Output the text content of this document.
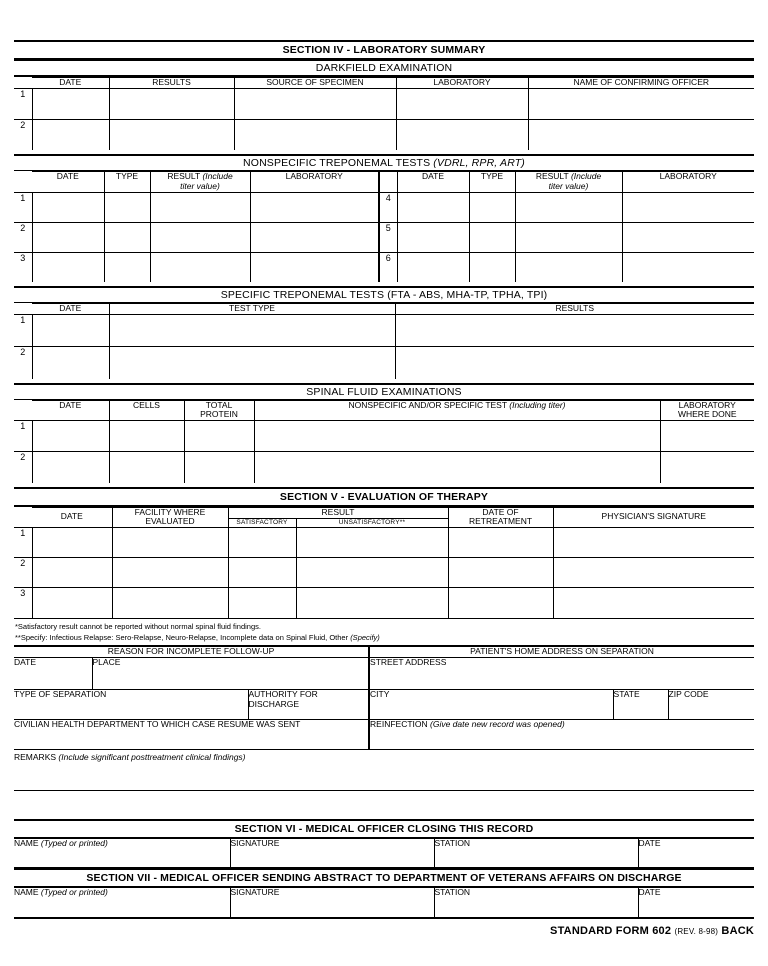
SECTION IV - LABORATORY SUMMARY
DARKFIELD EXAMINATION
	DATE	RESULTS	SOURCE OF SPECIMEN	LABORATORY	NAME OF CONFIRMING OFFICER
1					
2					
NONSPECIFIC TREPONEMAL TESTS (VDRL, RPR, ART)
	DATE	TYPE	RESULT (Include
titer value)	LABORATORY		DATE	TYPE	RESULT (Include
titer value)	LABORATORY
1					4				
2					5				
3					6				
SPECIFIC TREPONEMAL TESTS (FTA - ABS, MHA-TP, TPHA, TPI)
	DATE	TEST TYPE	RESULTS
1			
2			
SPINAL FLUID EXAMINATIONS
	DATE	CELLS	TOTAL
PROTEIN	NONSPECIFIC AND/OR SPECIFIC TEST (Including titer)	LABORATORY
WHERE DONE
1					
2					
SECTION V - EVALUATION OF THERAPY
	DATE	FACILITY WHERE
EVALUATED	RESULT		DATE OF
RETREATMENT	PHYSICIAN'S SIGNATURE
			SATISFACTORY	UNSATISFACTORY**		
1						
2						
3						
*Satisfactory result cannot be reported without normal spinal fluid findings.
**Specify: Infectious Relapse: Sero-Relapse, Neuro-Relapse, Incomplete data on Spinal Fluid, Other (Specify)
REASON FOR INCOMPLETE FOLLOW-UP			PATIENT'S HOME ADDRESS ON SEPARATION		
DATE	PLACE		STREET ADDRESS		
TYPE OF SEPARATION		AUTHORITY FOR DISCHARGE	CITY	STATE	ZIP CODE
CIVILIAN HEALTH DEPARTMENT TO WHICH CASE RESUME WAS SENT			REINFECTION (Give date new record was opened)		
REMARKS (Include significant posttreatment clinical findings)					
SECTION VI - MEDICAL OFFICER CLOSING THIS RECORD
NAME (Typed or printed)	SIGNATURE	STATION	DATE
SECTION VII - MEDICAL OFFICER SENDING ABSTRACT TO DEPARTMENT OF VETERANS AFFAIRS ON DISCHARGE
NAME (Typed or printed)	SIGNATURE	STATION	DATE
STANDARD FORM 602 (REV. 8-98) BACK
